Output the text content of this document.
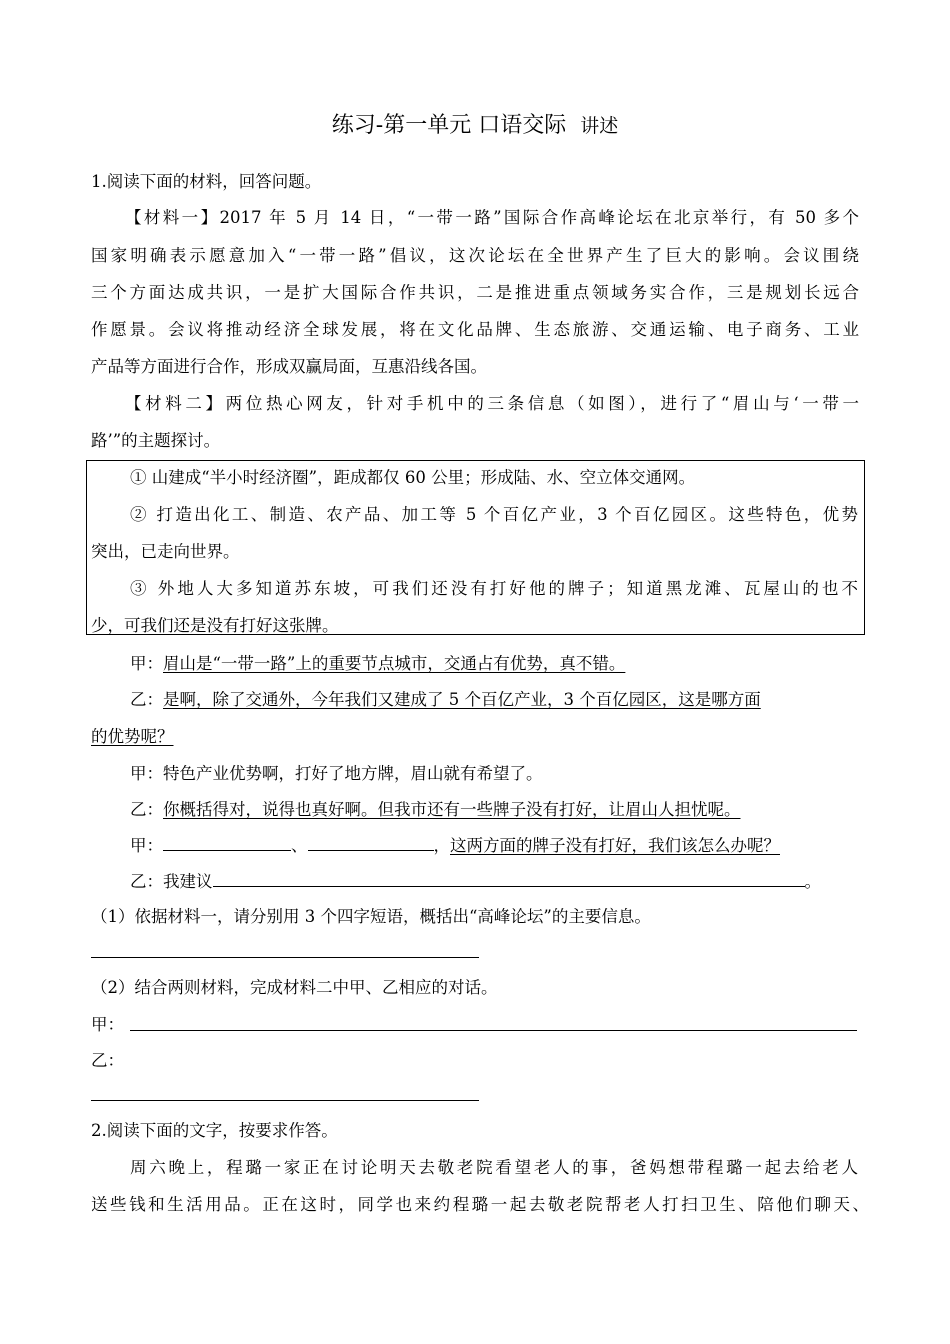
练习-第一单元 口语交际 讲述
1.阅读下面的材料，回答问题。
【材料一】2017 年 5 月 14 日，“一带一路”国际合作高峰论坛在北京举行，有 50 多个
国家明确表示愿意加入“一带一路”倡议，这次论坛在全世界产生了巨大的影响。会议围绕
三个方面达成共识，一是扩大国际合作共识，二是推进重点领域务实合作，三是规划长远合
作愿景。会议将推动经济全球发展，将在文化品牌、生态旅游、交通运输、电子商务、工业
产品等方面进行合作，形成双赢局面，互惠沿线各国。
【材料二】两位热心网友，针对手机中的三条信息（如图），进行了“眉山与‘一带一
路’”的主题探讨。
① 山建成“半小时经济圈”，距成都仅 60 公里；形成陆、水、空立体交通网。
② 打造出化工、制造、农产品、加工等 5 个百亿产业，3 个百亿园区。这些特色，优势
突出，已走向世界。
③ 外地人大多知道苏东坡，可我们还没有打好他的牌子；知道黑龙滩、瓦屋山的也不
少，可我们还是没有打好这张牌。
甲：眉山是“一带一路”上的重要节点城市，交通占有优势，真不错。
乙：是啊，除了交通外，今年我们又建成了 5 个百亿产业，3 个百亿园区，这是哪方面
的优势呢？
甲：特色产业优势啊，打好了地方牌，眉山就有希望了。
乙：你概括得对，说得也真好啊。但我市还有一些牌子没有打好，让眉山人担忧呢。
甲：	、	，这两方面的牌子没有打好，我们该怎么办呢？
乙：我建议	。
（1）依据材料一，请分别用 3 个四字短语，概括出“高峰论坛”的主要信息。
（2）结合两则材料，完成材料二中甲、乙相应的对话。
甲：
乙：
2.阅读下面的文字，按要求作答。
周六晚上，程璐一家正在讨论明天去敬老院看望老人的事，爸妈想带程璐一起去给老人
送些钱和生活用品。正在这时，同学也来约程璐一起去敬老院帮老人打扫卫生、陪他们聊天、
